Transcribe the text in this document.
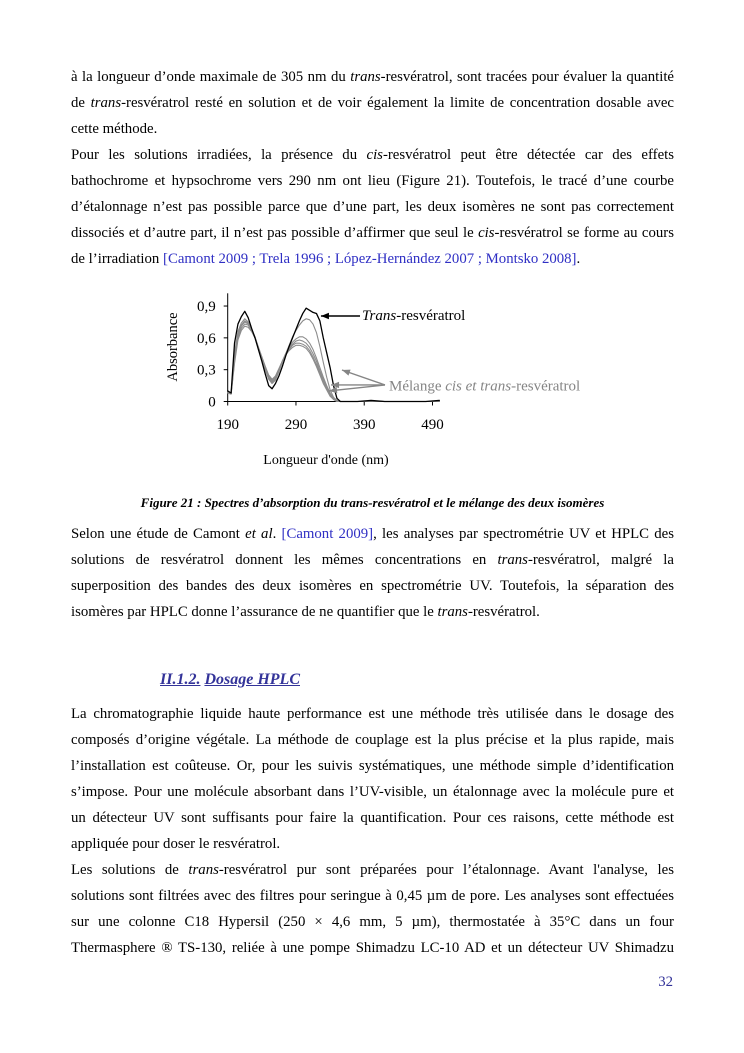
à la longueur d’onde maximale de 305 nm du trans-resvératrol, sont tracées pour évaluer la quantité
de trans-resvératrol resté en solution et de voir également la limite de concentration dosable avec
cette méthode.
Pour les solutions irradiées, la présence du cis-resvératrol peut être détectée car des effets
bathochrome et hypsochrome vers 290 nm ont lieu (Figure 21). Toutefois, le tracé d’une courbe
d’étalonnage n’est pas possible parce que d’une part, les deux isomères ne sont pas correctement
dissociés et d’autre part, il n’est pas possible d’affirmer que seul le cis-resvératrol se forme au cours
de l’irradiation [Camont 2009 ; Trela 1996 ; López-Hernández 2007 ; Montsko 2008].
0
0,3
0,6
0,9
190	290	390	490
Absorbance
Longueur d'onde (nm)
Trans-resvératrol
Mélange cis et trans-resvératrol
Figure 21 : Spectres d’absorption du trans-resvératrol et le mélange des deux isomères
Selon une étude de Camont et al. [Camont 2009], les analyses par spectrométrie UV et HPLC des
solutions de resvératrol donnent les mêmes concentrations en trans-resvératrol, malgré la
superposition des bandes des deux isomères en spectrométrie UV. Toutefois, la séparation des
isomères par HPLC donne l’assurance de ne quantifier que le trans-resvératrol.
II.1.2. Dosage HPLC
La chromatographie liquide haute performance est une méthode très utilisée dans le dosage des
composés d’origine végétale. La méthode de couplage est la plus précise et la plus rapide, mais
l’installation est coûteuse. Or, pour les suivis systématiques, une méthode simple d’identification
s’impose. Pour une molécule absorbant dans l’UV-visible, un étalonnage avec la molécule pure et
un détecteur UV sont suffisants pour faire la quantification. Pour ces raisons, cette méthode est
appliquée pour doser le resvératrol.
Les solutions de trans-resvératrol pur sont préparées pour l’étalonnage. Avant l'analyse, les
solutions sont filtrées avec des filtres pour seringue à 0,45 µm de pore. Les analyses sont effectuées
sur une colonne C18 Hypersil (250 × 4,6 mm, 5 µm), thermostatée à 35°C dans un four
Thermasphere ® TS-130, reliée à une pompe Shimadzu LC-10 AD et un détecteur UV Shimadzu
32
